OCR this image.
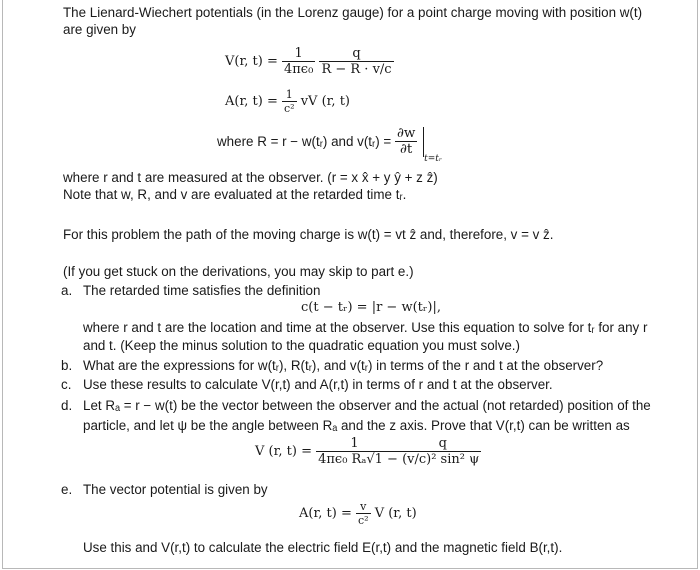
The Lienard-Wiechert potentials (in the Lorenz gauge) for a point charge moving with position w(t)
are given by
V(r, $t) = \frac{1}{\text{4πϵ₀}}$
$\frac{q}{R - R \cdot v/c}$
A(r, $t) = \frac{1}{\text{c²}}$ vV (r, t)
where R = r − w(tᵣ) and v(tᵣ) = $\frac{\partial w}{\partial t}$
t=tᵣ
where r and t are measured at the observer. (r = x x̂ + y ŷ + z ẑ)
Note that w, R, and v are evaluated at the retarded time tᵣ.
For this problem the path of the moving charge is w(t) = vt ẑ and, therefore, v = v ẑ.
(If you get stuck on the derivations, you may skip to part e.)
a. The retarded time satisfies the definition
c(t − tᵣ) = |r − w(tᵣ)|,
where r and t are the location and time at the observer. Use this equation to solve for tᵣ for any r
and t. (Keep the minus solution to the quadratic equation you must solve.)
b. What are the expressions for w(tᵣ), R(tᵣ), and v(tᵣ) in terms of the r and t at the observer?
c. Use these results to calculate V(r,t) and A(r,t) in terms of r and t at the observer.
d. Let Rₐ = r − w(t) be the vector between the observer and the actual (not retarded) position of the
particle, and let ψ be the angle between Rₐ and the z axis. Prove that V(r,t) can be written as
V (r, t) = 1	q
4πϵ₀ Rₐ√1 − (v/c)² sin² ψ
e. The vector potential is given by
A(r, $t) = \frac{v}{\text{c²}}$ V (r, t)
Use this and V(r,t) to calculate the electric field E(r,t) and the magnetic field B(r,t).
